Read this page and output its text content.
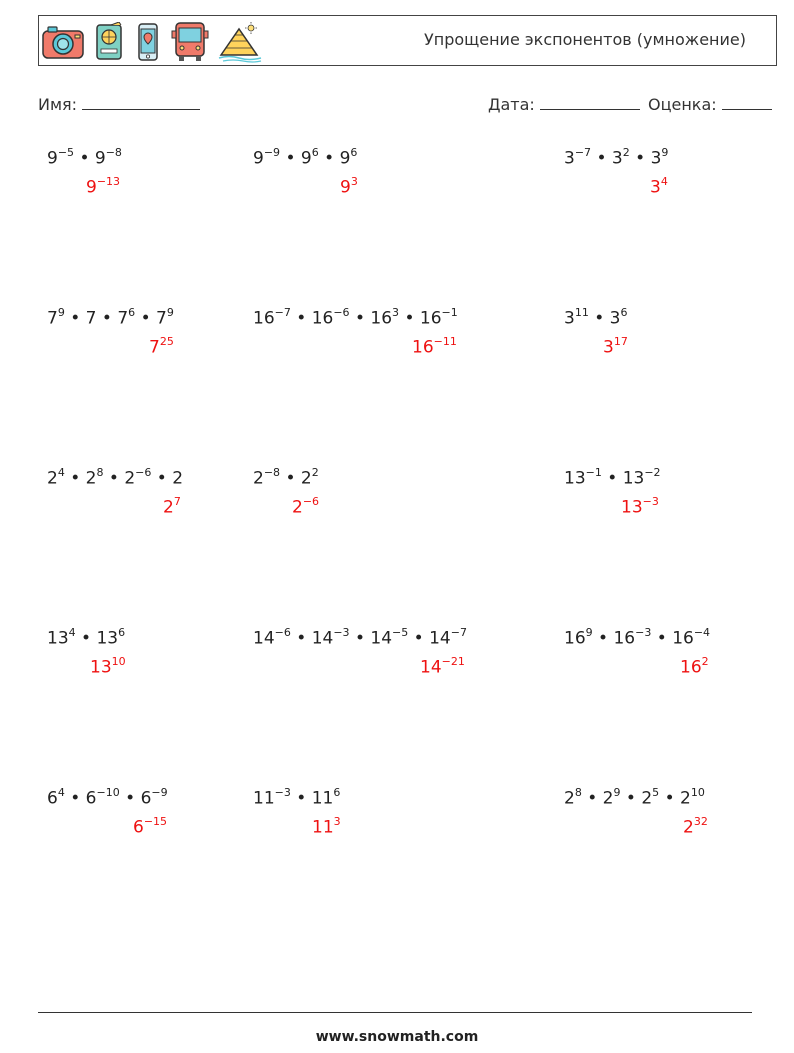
Упрощение экспонентов (умножение)
Имя:	Дата:	Оценка:
$9^{-5}$ • $9^{-8}$
$9^{-13}$
$9^{-9}$ • $9^6$ • $9^6$
$9^3$
$3^{-7}$ • $3^2$ • $3^9$
$3^4$
$7^9$ • 7 • $7^6$ • $7^9$
$7^{25}$
$16^{-7}$ • $16^{-6}$ • $16^3$ • $16^{-1}$
$16^{-11}$
$3^{11}$ • $3^6$
$3^{17}$
$2^4$ • $2^8$ • $2^{-6}$ • 2
$2^7$
$2^{-8}$ • $2^2$
$2^{-6}$
$13^{-1}$ • $13^{-2}$
$13^{-3}$
$13^4$ • $13^6$
$13^{10}$
$14^{-6}$ • $14^{-3}$ • $14^{-5}$ • $14^{-7}$
$14^{-21}$
$16^9$ • $16^{-3}$ • $16^{-4}$
$16^2$
$6^4$ • $6^{-10}$ • $6^{-9}$
$6^{-15}$
$11^{-3}$ • $11^6$
$11^3$
$2^8$ • $2^9$ • $2^5$ • $2^{10}$
$2^{32}$
www.snowmath.com
